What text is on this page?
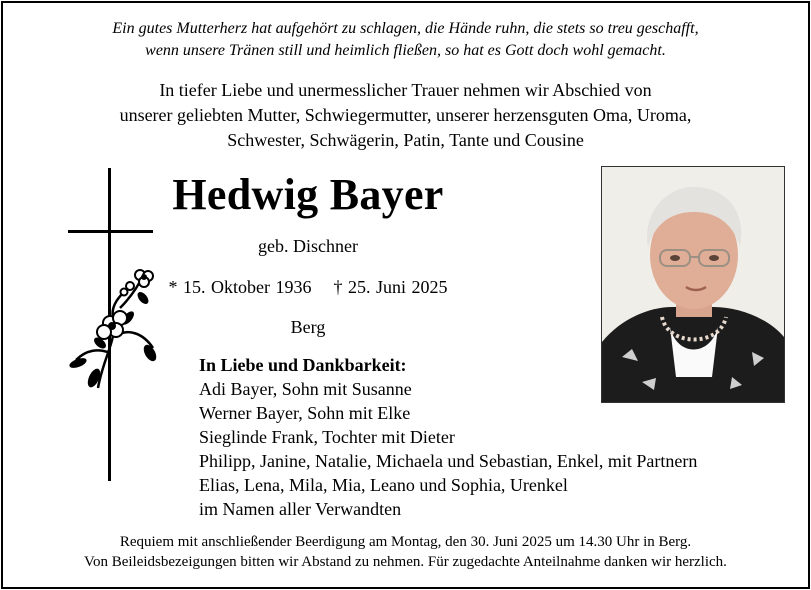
Ein gutes Mutterherz hat aufgehört zu schlagen, die Hände ruhn, die stets so treu geschafft,
wenn unsere Tränen still und heimlich fließen, so hat es Gott doch wohl gemacht.
In tiefer Liebe und unermesslicher Trauer nehmen wir Abschied von
unserer geliebten Mutter, Schwiegermutter, unserer herzensguten Oma, Uroma,
Schwester, Schwägerin, Patin, Tante und Cousine
Hedwig Bayer
geb. Dischner
* 15. Oktober 1936 † 25. Juni 2025
Berg
In Liebe und Dankbarkeit:
Adi Bayer, Sohn mit Susanne
Werner Bayer, Sohn mit Elke
Sieglinde Frank, Tochter mit Dieter
Philipp, Janine, Natalie, Michaela und Sebastian, Enkel, mit Partnern
Elias, Lena, Mila, Mia, Leano und Sophia, Urenkel
im Namen aller Verwandten
Requiem mit anschließender Beerdigung am Montag, den 30. Juni 2025 um 14.30 Uhr in Berg.
Von Beileidsbezeigungen bitten wir Abstand zu nehmen. Für zugedachte Anteilnahme danken wir herzlich.
